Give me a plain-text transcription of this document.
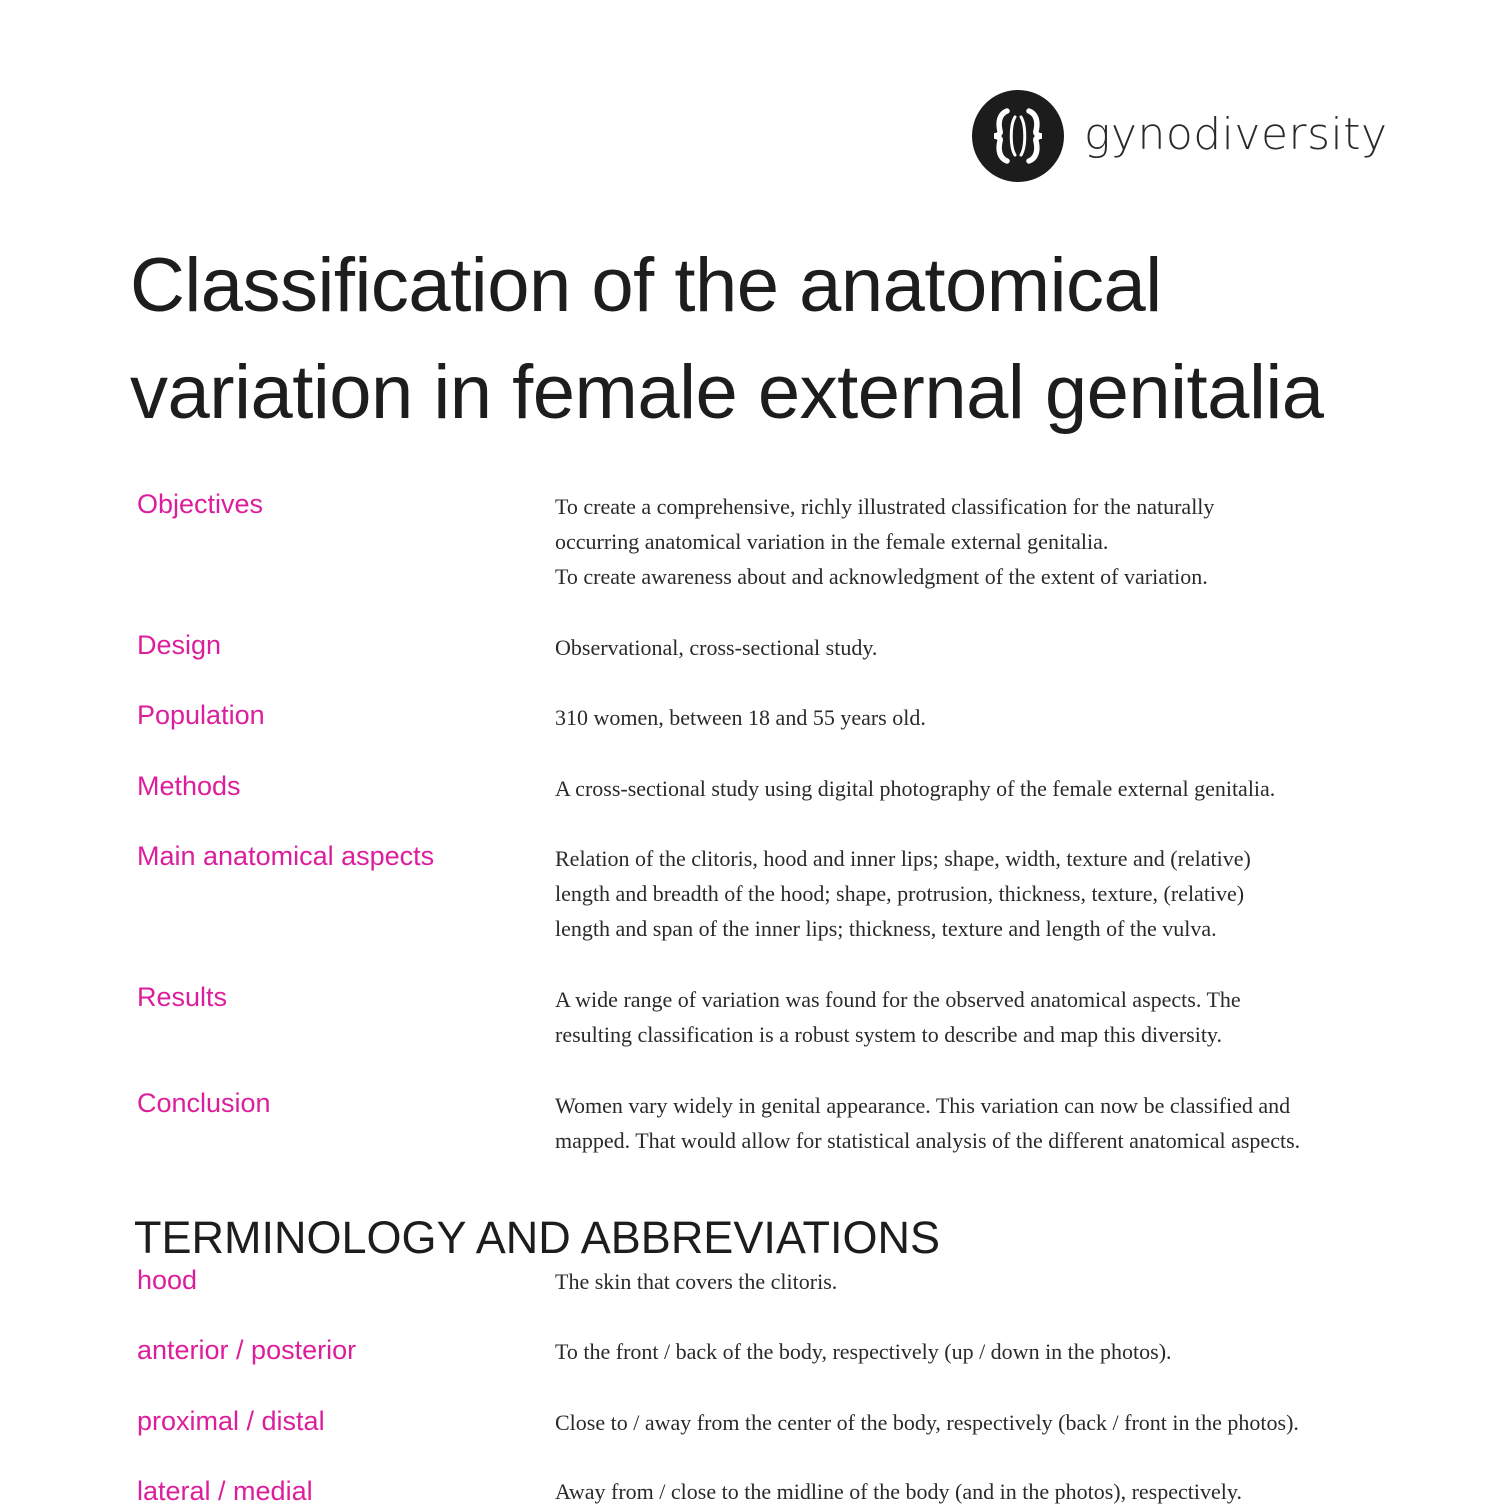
gynodiversity
Classification of the anatomical
variation in female external genitalia
Objectives	To create a comprehensive, richly illustrated classification for the naturally
occurring anatomical variation in the female external genitalia.
To create awareness about and acknowledgment of the extent of variation.
Design	Observational, cross-sectional study.
Population	310 women, between 18 and 55 years old.
Methods	A cross-sectional study using digital photography of the female external genitalia.
Main anatomical aspects	Relation of the clitoris, hood and inner lips; shape, width, texture and (relative)
length and breadth of the hood; shape, protrusion, thickness, texture, (relative)
length and span of the inner lips; thickness, texture and length of the vulva.
Results	A wide range of variation was found for the observed anatomical aspects. The
resulting classification is a robust system to describe and map this diversity.
Conclusion	Women vary widely in genital appearance. This variation can now be classified and
mapped. That would allow for statistical analysis of the different anatomical aspects.
TERMINOLOGY AND ABBREVIATIONS
hood	The skin that covers the clitoris.
anterior / posterior	To the front / back of the body, respectively (up / down in the photos).
proximal / distal	Close to / away from the center of the body, respectively (back / front in the photos).
lateral / medial	Away from / close to the midline of the body (and in the photos), respectively.
